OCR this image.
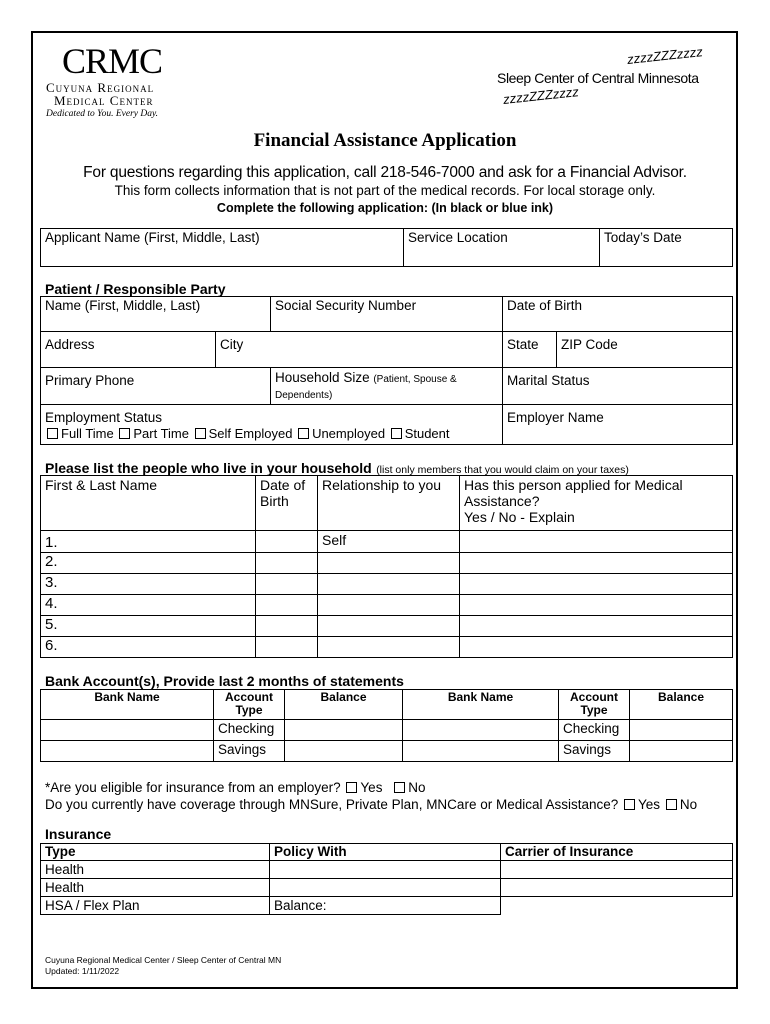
CRMC
Cuyuna Regional
Medical Center
Dedicated to You. Every Day.
zzzzZZZzzzz
Sleep Center of Central Minnesota
zzzzZZZzzzz
Financial Assistance Application
For questions regarding this application, call 218-546-7000 and ask for a Financial Advisor.
This form collects information that is not part of the medical records. For local storage only.
Complete the following application: (In black or blue ink)
Applicant Name (First, Middle, Last)	Service Location	Today’s Date
Patient / Responsible Party
Name (First, Middle, Last)		Social Security Number	Date of Birth	
Address	City		State	ZIP Code
Primary Phone		Household Size (Patient, Spouse & Dependents)	Marital Status	

Employment Status
Full Time Part Time Self Employed Unemployed Student			Employer Name	
Please list the people who live in your household (list only members that you would claim on your taxes)
First & Last Name	Date of Birth	Relationship to you	Has this person applied for Medical Assistance?
Yes / No - Explain

1.		Self	
2.			
3.			
4.			
5.			
6.			
Bank Account(s), Provide last 2 months of statements
Bank Name	Account Type	Balance	Bank Name	Account Type	Balance
	Checking			Checking	
	Savings			Savings	
*Are you eligible for insurance from an employer? Yes No
Do you currently have coverage through MNSure, Private Plan, MNCare or Medical Assistance? Yes No
Insurance
Type	Policy With	Carrier of Insurance
Health		
Health		
HSA / Flex Plan	Balance:	
Cuyuna Regional Medical Center / Sleep Center of Central MN
Updated: 1/11/2022
